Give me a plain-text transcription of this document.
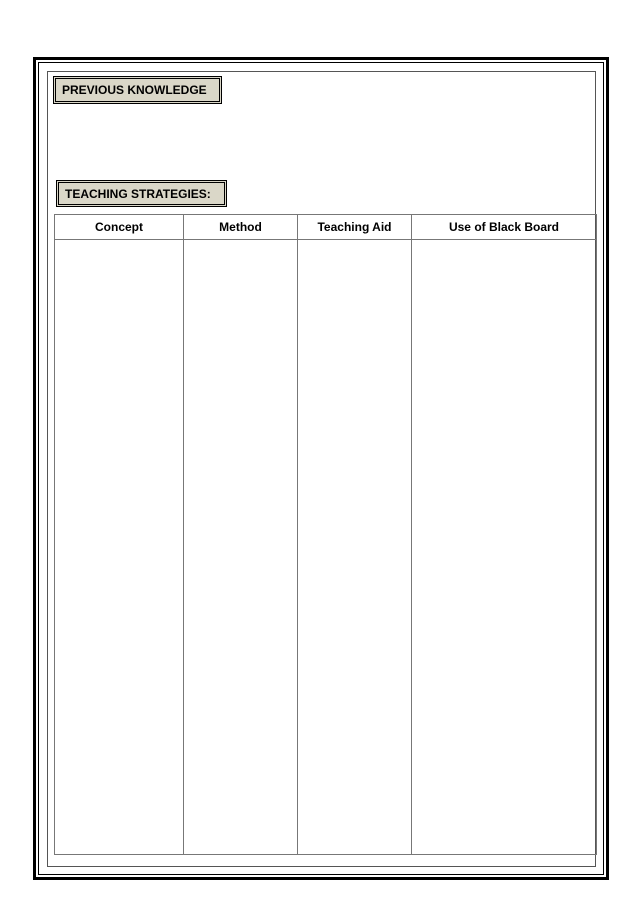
PREVIOUS KNOWLEDGE
TEACHING STRATEGIES:
Concept	Method	Teaching Aid	Use of Black Board
